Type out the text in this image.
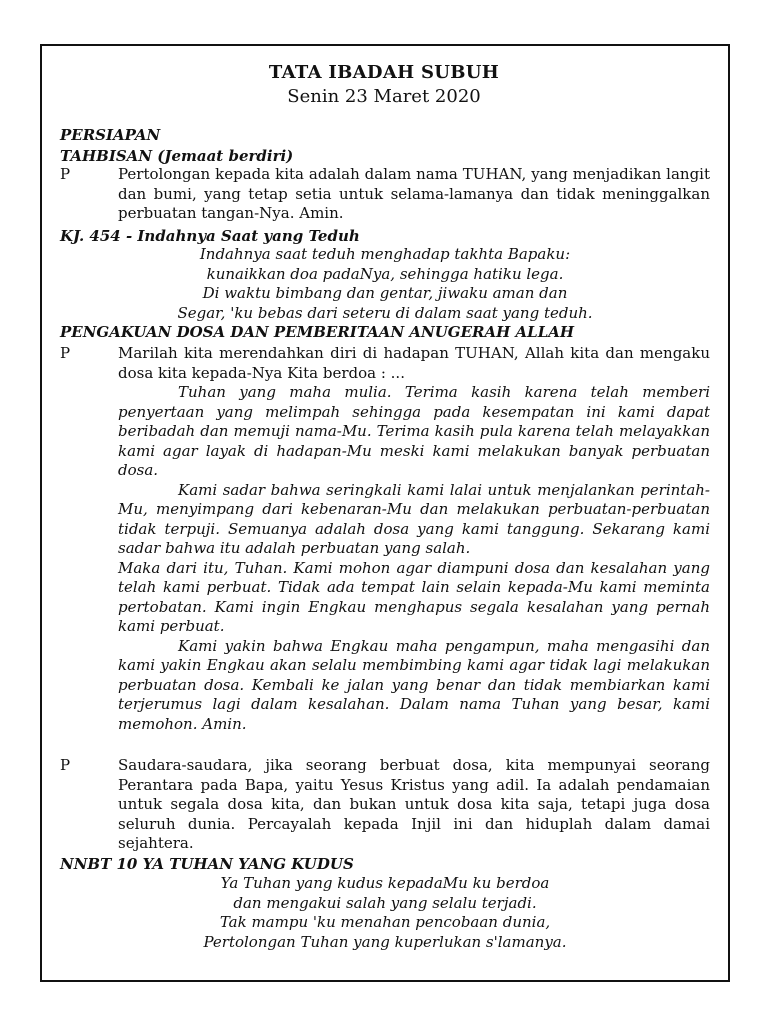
TATA IBADAH SUBUH
Senin 23 Maret 2020
PERSIAPAN
TAHBISAN (Jemaat berdiri)
P	Pertolongan kepada kita adalah dalam nama TUHAN, yang menjadikan langit dan bumi, yang tetap setia untuk selama-lamanya dan tidak meninggalkan perbuatan tangan-Nya. Amin.
KJ. 454 - Indahnya Saat yang Teduh
Indahnya saat teduh menghadap takhta Bapaku:
kunaikkan doa padaNya, sehingga hatiku lega.
Di waktu bimbang dan gentar, jiwaku aman dan
Segar, 'ku bebas dari seteru di dalam saat yang teduh.
PENGAKUAN DOSA DAN PEMBERITAAN ANUGERAH ALLAH
P	Marilah kita merendahkan diri di hadapan TUHAN, Allah kita dan mengaku dosa kita kepada-Nya Kita berdoa : ...
Tuhan yang maha mulia. Terima kasih karena telah memberi penyertaan yang melimpah sehingga pada kesempatan ini kami dapat beribadah dan memuji nama-Mu. Terima kasih pula karena telah melayakkan kami agar layak di hadapan-Mu meski kami melakukan banyak perbuatan dosa.
Kami sadar bahwa seringkali kami lalai untuk menjalankan perintah-Mu, menyimpang dari kebenaran-Mu dan melakukan perbuatan-perbuatan tidak terpuji. Semuanya adalah dosa yang kami tanggung. Sekarang kami sadar bahwa itu adalah perbuatan yang salah.
Maka dari itu, Tuhan. Kami mohon agar diampuni dosa dan kesalahan yang telah kami perbuat. Tidak ada tempat lain selain kepada-Mu kami meminta pertobatan. Kami ingin Engkau menghapus segala kesalahan yang pernah kami perbuat.
Kami yakin bahwa Engkau maha pengampun, maha mengasihi dan kami yakin Engkau akan selalu membimbing kami agar tidak lagi melakukan perbuatan dosa. Kembali ke jalan yang benar dan tidak membiarkan kami terjerumus lagi dalam kesalahan. Dalam nama Tuhan yang besar, kami memohon. Amin.
P	Saudara-saudara, jika seorang berbuat dosa, kita mempunyai seorang Perantara pada Bapa, yaitu Yesus Kristus yang adil. Ia adalah pendamaian untuk segala dosa kita, dan bukan untuk dosa kita saja, tetapi juga dosa seluruh dunia. Percayalah kepada Injil ini dan hiduplah dalam damai sejahtera.
NNBT 10 YA TUHAN YANG KUDUS
Ya Tuhan yang kudus kepadaMu ku berdoa
dan mengakui salah yang selalu terjadi.
Tak mampu 'ku menahan pencobaan dunia,
Pertolongan Tuhan yang kuperlukan s'lamanya.
